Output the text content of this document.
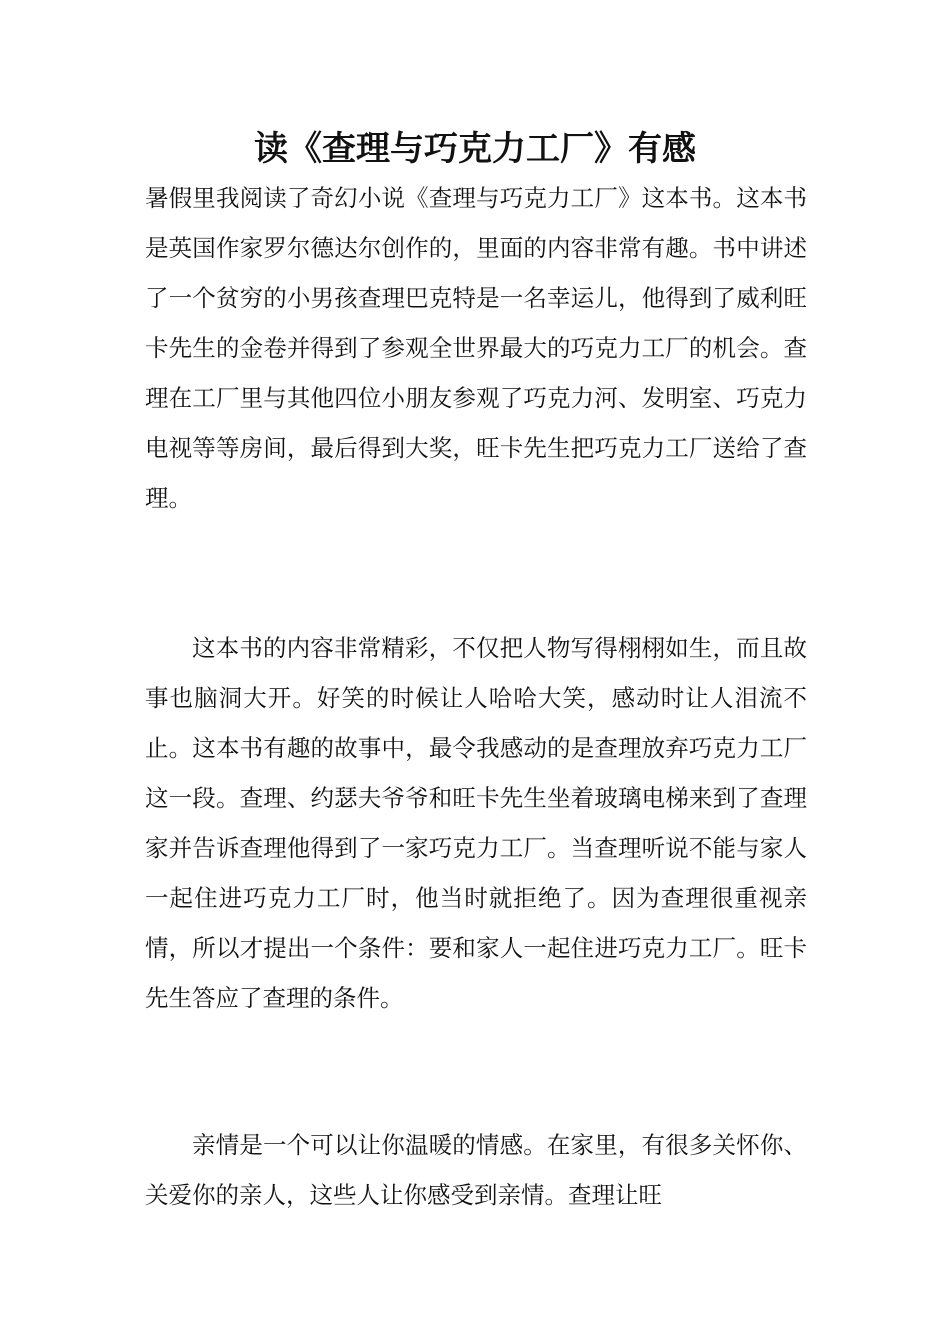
读《查理与巧克力工厂》有感

暑假里我阅读了奇幻小说《查理与巧克力工厂》这本书。这本书是英国作家罗尔德达尔创作的，里面的内容非常有趣。书中讲述了一个贫穷的小男孩查理巴克特是一名幸运儿，他得到了威利旺卡先生的金卷并得到了参观全世界最大的巧克力工厂的机会。查理在工厂里与其他四位小朋友参观了巧克力河、发明室、巧克力电视等等房间，最后得到大奖，旺卡先生把巧克力工厂送给了查理。

这本书的内容非常精彩，不仅把人物写得栩栩如生，而且故事也脑洞大开。好笑的时候让人哈哈大笑，感动时让人泪流不止。这本书有趣的故事中，最令我感动的是查理放弃巧克力工厂这一段。查理、约瑟夫爷爷和旺卡先生坐着玻璃电梯来到了查理家并告诉查理他得到了一家巧克力工厂。当查理听说不能与家人一起住进巧克力工厂时，他当时就拒绝了。因为查理很重视亲情，所以才提出一个条件：要和家人一起住进巧克力工厂。旺卡先生答应了查理的条件。

亲情是一个可以让你温暖的情感。在家里，有很多关怀你、关爱你的亲人，这些人让你感受到亲情。查理让旺
